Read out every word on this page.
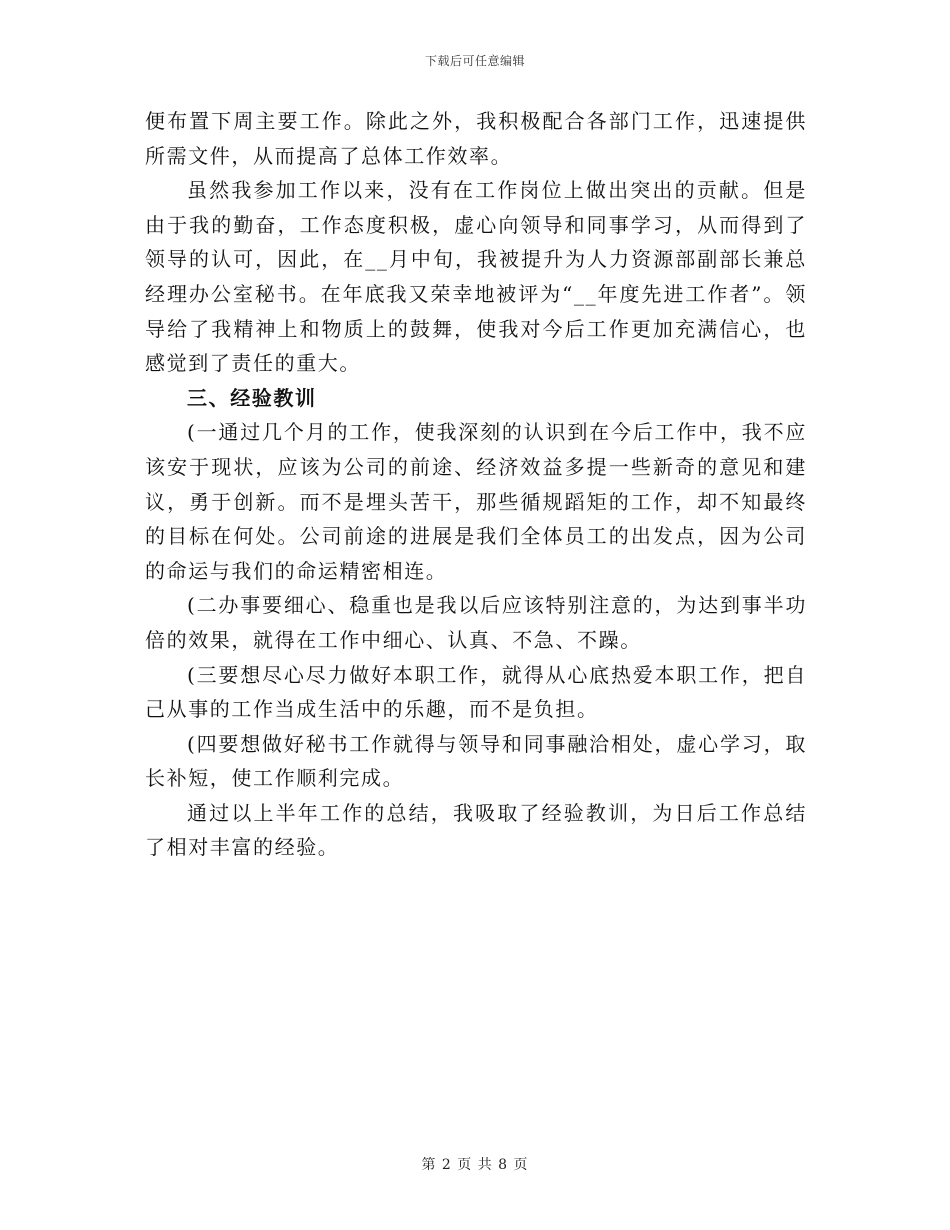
下载后可任意编辑

便布置下周主要工作。除此之外，我积极配合各部门工作，迅速提供所需文件，从而提高了总体工作效率。

虽然我参加工作以来，没有在工作岗位上做出突出的贡献。但是由于我的勤奋，工作态度积极，虚心向领导和同事学习，从而得到了领导的认可，因此，在__月中旬，我被提升为人力资源部副部长兼总经理办公室秘书。在年底我又荣幸地被评为“__年度先进工作者”。领导给了我精神上和物质上的鼓舞，使我对今后工作更加充满信心，也感觉到了责任的重大。

三、经验教训

(一通过几个月的工作，使我深刻的认识到在今后工作中，我不应该安于现状，应该为公司的前途、经济效益多提一些新奇的意见和建议，勇于创新。而不是埋头苦干，那些循规蹈矩的工作，却不知最终的目标在何处。公司前途的进展是我们全体员工的出发点，因为公司的命运与我们的命运精密相连。

(二办事要细心、稳重也是我以后应该特别注意的，为达到事半功倍的效果，就得在工作中细心、认真、不急、不躁。

(三要想尽心尽力做好本职工作，就得从心底热爱本职工作，把自己从事的工作当成生活中的乐趣，而不是负担。

(四要想做好秘书工作就得与领导和同事融洽相处，虚心学习，取长补短，使工作顺利完成。

通过以上半年工作的总结，我吸取了经验教训，为日后工作总结了相对丰富的经验。

第 2 页 共 8 页
